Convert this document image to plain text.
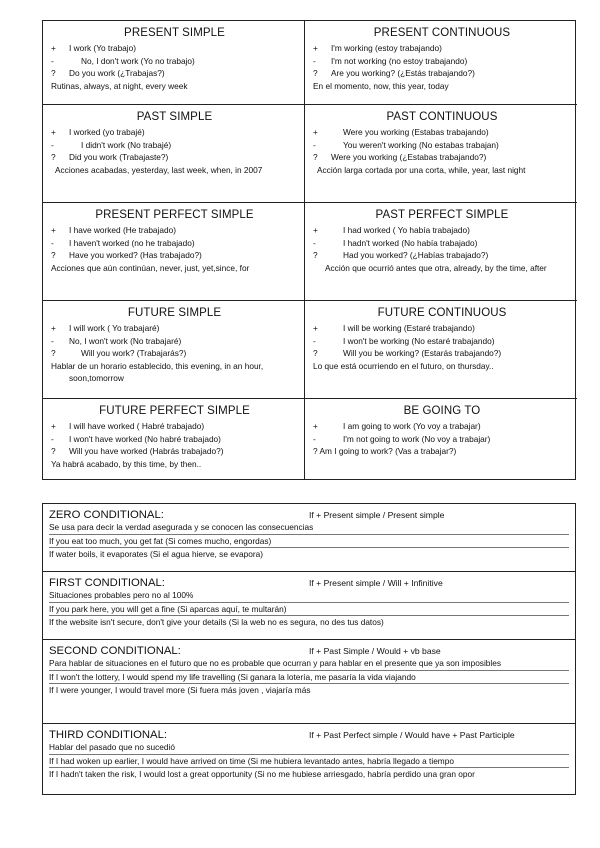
PRESENT SIMPLE
+ I work (Yo trabajo)
-	No, I don't work (Yo no trabajo)
? Do you work (¿Trabajas?)
Rutinas, always, at night, every week
PRESENT CONTINUOUS
+ I'm working (estoy trabajando)
- I'm not working (no estoy trabajando)
? Are you working? (¿Estás trabajando?)
En el momento, now, this year, today
PAST SIMPLE
+ I worked (yo trabajé)
-	I didn't work (No trabajé)
? Did you work (Trabajaste?)
Acciones acabadas, yesterday, last week, when, in 2007
PAST CONTINUOUS
+	Were you working (Estabas trabajando)
-	You weren't working (No estabas trabajan)
? Were you working (¿Estabas trabajando?)
Acción larga cortada por una corta, while, year, last night
PRESENT PERFECT SIMPLE
+ I have worked (He trabajado)
- I haven't worked (no he trabajado)
? Have you worked? (Has trabajado?)
Acciones que aún continúan, never, just, yet,since, for
PAST PERFECT SIMPLE
+	I had worked ( Yo había trabajado)
-	I hadn't worked (No había trabajado)
?	Had you worked? (¿Habías trabajado?)
Acción que ocurrió antes que otra, already, by the time, after
FUTURE SIMPLE
+ I will work ( Yo trabajaré)
- No, I won't work (No trabajaré)
?	Will you work? (Trabajarás?)
Hablar de un horario establecido, this evening, in an hour, soon,tomorrow
FUTURE CONTINUOUS
+	I will be working (Estaré trabajando)
-	I won't be working (No estaré trabajando)
?	Will you be working? (Estarás trabajando?)
Lo que está ocurriendo en el futuro, on thursday..
FUTURE PERFECT SIMPLE
+ I will have worked ( Habré trabajado)
- I won't have worked (No habré trabajado)
? Will you have worked (Habrás trabajado?)
Ya habrá acabado, by this time, by then..
BE GOING TO
+	I am going to work (Yo voy a trabajar)
-	I'm not going to work (No voy a trabajar)
? Am I going to work? (Vas a trabajar?)
ZERO CONDITIONAL:	If + Present simple / Present simple
Se usa para decir la verdad asegurada y se conocen las consecuencias
If you eat too much, you get fat (Si comes mucho, engordas)
If water boils, it evaporates (Si el agua hierve, se evapora)
FIRST CONDITIONAL:	If + Present simple / Will + Infinitive
Situaciones probables pero no al 100%
If you park here, you will get a fine (Si aparcas aquí, te multarán)
If the website isn't secure, don't give your details (Si la web no es segura, no des tus datos)
SECOND CONDITIONAL:	If + Past Simple / Would + vb base
Para hablar de situaciones en el futuro que no es probable que ocurran y para hablar en el presente que ya son imposibles
If I won't the lottery, I would spend my life travelling (Si ganara la lotería, me pasaría la vida viajando
If I were younger, I would travel more (Si fuera más joven , viajaría más
THIRD CONDITIONAL:	If + Past Perfect simple / Would have + Past Participle
Hablar del pasado que no sucedió
If I had woken up earlier, I would have arrived on time (Si me hubiera levantado antes, habría llegado a tiempo
If I hadn't taken the risk, I would lost a great opportunity (Si no me hubiese arriesgado, habría perdido una gran opor
